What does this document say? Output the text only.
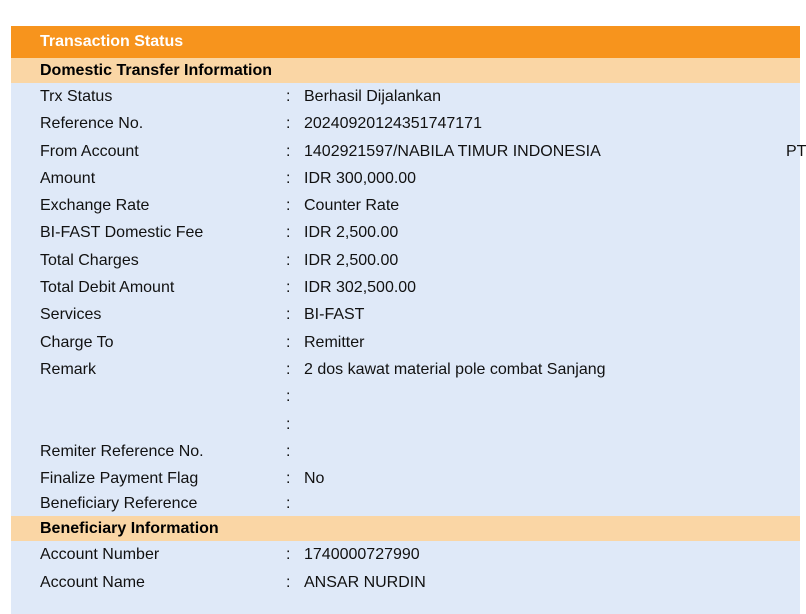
Transaction Status
Domestic Transfer Information
Trx Status	: Berhasil Dijalankan
Reference No.	: 20240920124351747171
From Account	: 1402921597/NABILA TIMUR INDONESIA	PT
Amount	: IDR 300,000.00
Exchange Rate	: Counter Rate
BI-FAST Domestic Fee	: IDR 2,500.00
Total Charges	: IDR 2,500.00
Total Debit Amount	: IDR 302,500.00
Services	: BI-FAST
Charge To	: Remitter
Remark	: 2 dos kawat material pole combat Sanjang
:
:
Remiter Reference No.	:
Finalize Payment Flag	: No
Beneficiary Reference	:
Beneficiary Information
Account Number	: 1740000727990
Account Name	: ANSAR NURDIN
